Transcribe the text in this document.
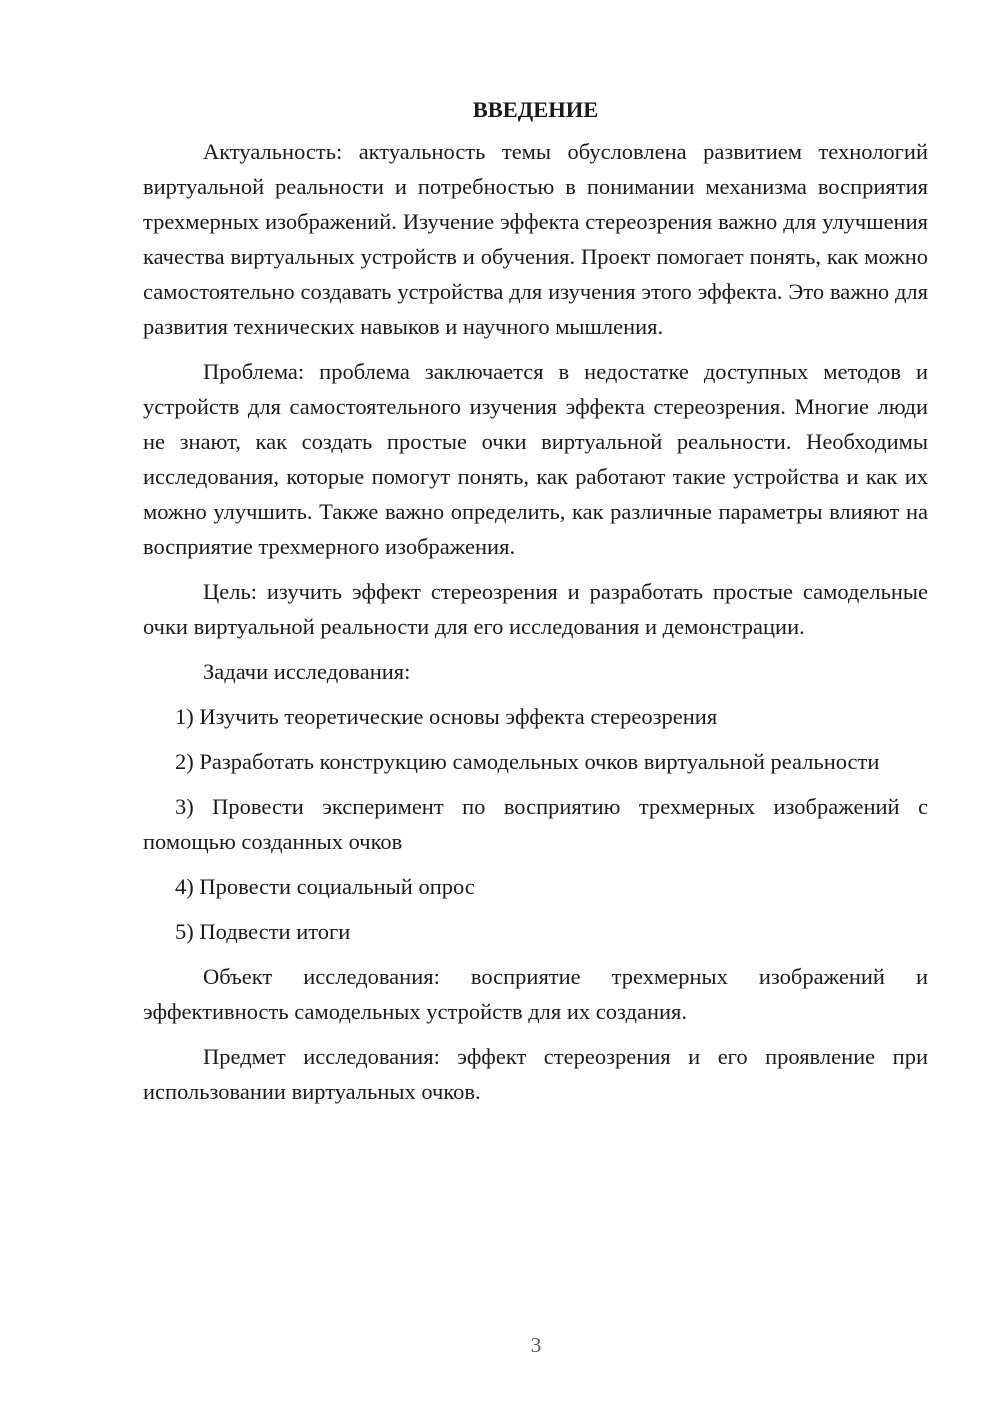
ВВЕДЕНИЕ

Актуальность: актуальность темы обусловлена развитием технологий виртуальной реальности и потребностью в понимании механизма восприятия трехмерных изображений. Изучение эффекта стереозрения важно для улучшения качества виртуальных устройств и обучения. Проект помогает понять, как можно самостоятельно создавать устройства для изучения этого эффекта. Это важно для развития технических навыков и научного мышления.

Проблема: проблема заключается в недостатке доступных методов и устройств для самостоятельного изучения эффекта стереозрения. Многие люди не знают, как создать простые очки виртуальной реальности. Необходимы исследования, которые помогут понять, как работают такие устройства и как их можно улучшить. Также важно определить, как различные параметры влияют на восприятие трехмерного изображения.

Цель: изучить эффект стереозрения и разработать простые самодельные очки виртуальной реальности для его исследования и демонстрации.

Задачи исследования:

1) Изучить теоретические основы эффекта стереозрения

2) Разработать конструкцию самодельных очков виртуальной реальности

3) Провести эксперимент по восприятию трехмерных изображений с помощью созданных очков

4) Провести социальный опрос

5) Подвести итоги

Объект исследования: восприятие трехмерных изображений и эффективность самодельных устройств для их создания.

Предмет исследования: эффект стереозрения и его проявление при использовании виртуальных очков.

3
